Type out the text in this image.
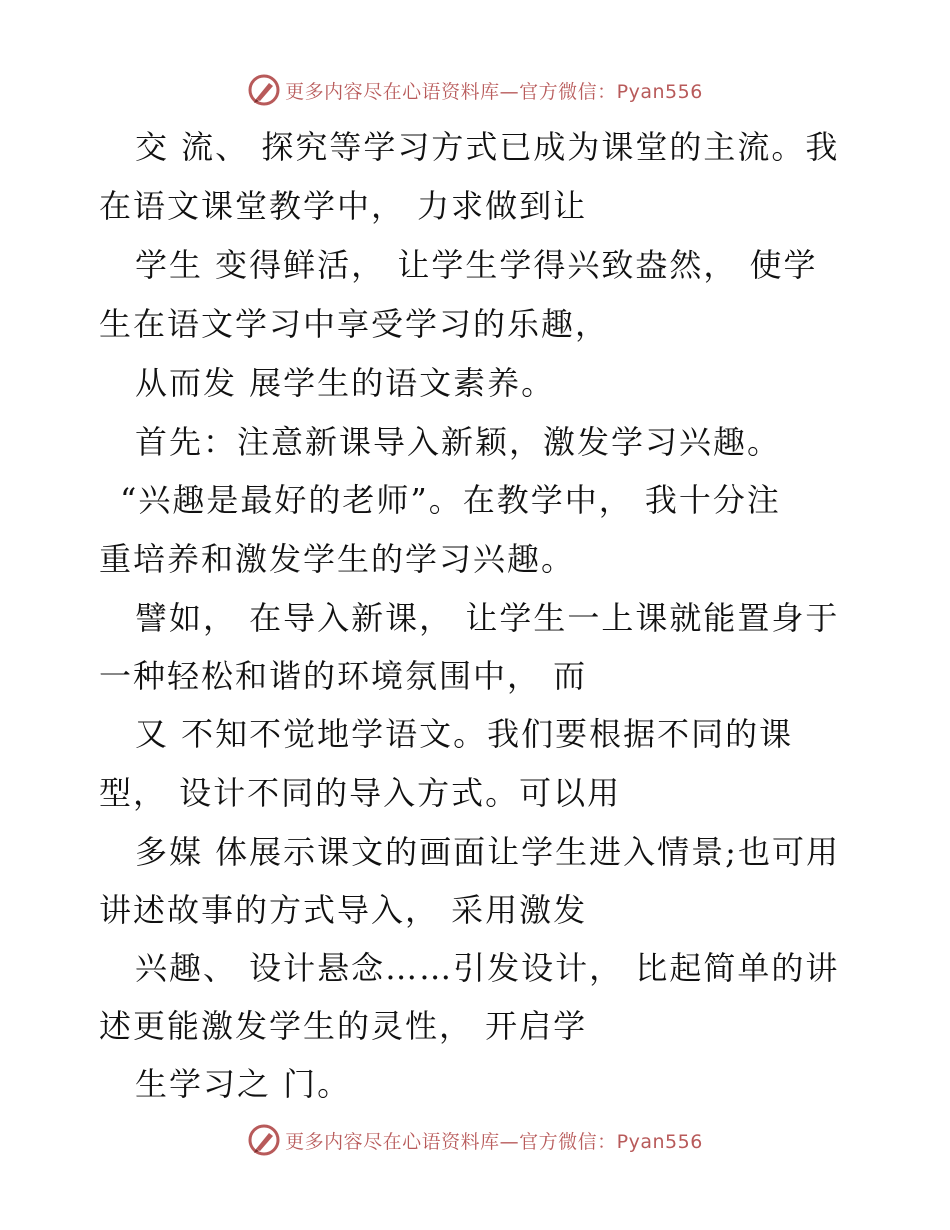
更多内容尽在心语资料库—官方微信：Pyan556
交 流、 探究等学习方式已成为课堂的主流。我
在语文课堂教学中， 力求做到让
学生 变得鲜活， 让学生学得兴致盎然， 使学
生在语文学习中享受学习的乐趣，
从而发 展学生的语文素养。
首先：注意新课导入新颖，激发学习兴趣。
“兴趣是最好的老师”。在教学中， 我十分注
重培养和激发学生的学习兴趣。
譬如， 在导入新课， 让学生一上课就能置身于
一种轻松和谐的环境氛围中， 而
又 不知不觉地学语文。我们要根据不同的课
型， 设计不同的导入方式。可以用
多媒 体展示课文的画面让学生进入情景;也可用
讲述故事的方式导入， 采用激发
兴趣、 设计悬念……引发设计， 比起简单的讲
述更能激发学生的灵性， 开启学
生学习之 门。
更多内容尽在心语资料库—官方微信：Pyan556
